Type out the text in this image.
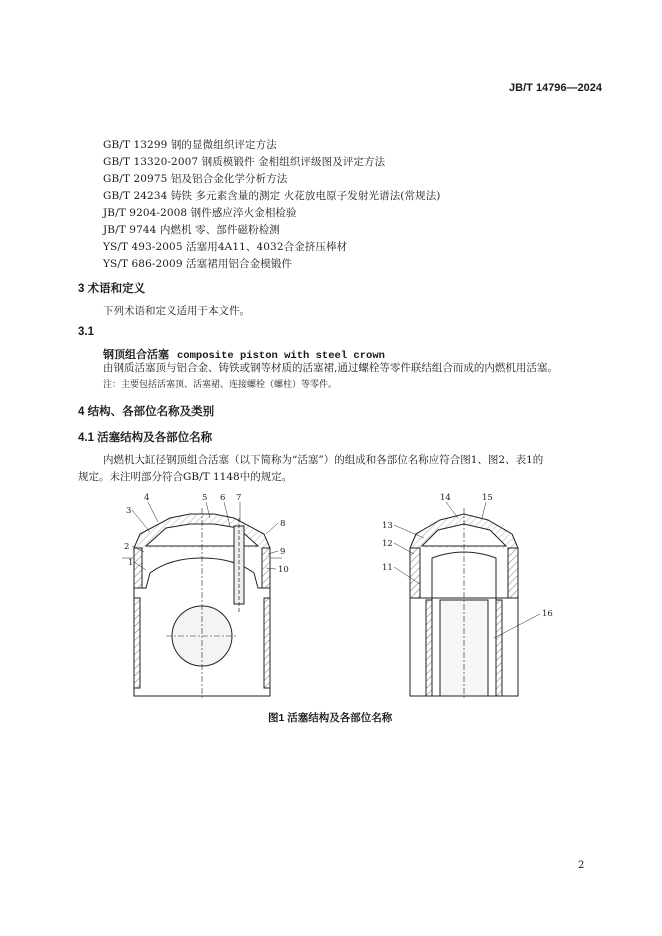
JB/T 14796—2024
GB/T 13299 钢的显微组织评定方法
GB/T 13320-2007 钢质模锻件 金相组织评级图及评定方法
GB/T 20975 铝及铝合金化学分析方法
GB/T 24234 铸铁 多元素含量的测定 火花放电原子发射光谱法(常规法)
JB/T 9204-2008 钢件感应淬火金相检验
JB/T 9744 内燃机 零、部件磁粉检测
YS/T 493-2005 活塞用4A11、4032合金挤压棒材
YS/T 686-2009 活塞裙用铝合金模锻件
3 术语和定义
下列术语和定义适用于本文件。
3.1
钢顶组合活塞 composite piston with steel crown
由钢质活塞顶与铝合金、铸铁或钢等材质的活塞裙,通过螺栓等零件联结组合而成的内燃机用活塞。
注：主要包括活塞顶、活塞裙、连接螺栓（螺柱）等零件。
4 结构、各部位名称及类别
4.1 活塞结构及各部位名称
内燃机大缸径钢顶组合活塞（以下简称为“活塞”）的组成和各部位名称应符合图1、图2、表1的
规定。未注明部分符合GB/T 1148中的规定。
1
2
3
4	5 6 7
8
9
10	11
12
13
14	15
16
图1 活塞结构及各部位名称
2
